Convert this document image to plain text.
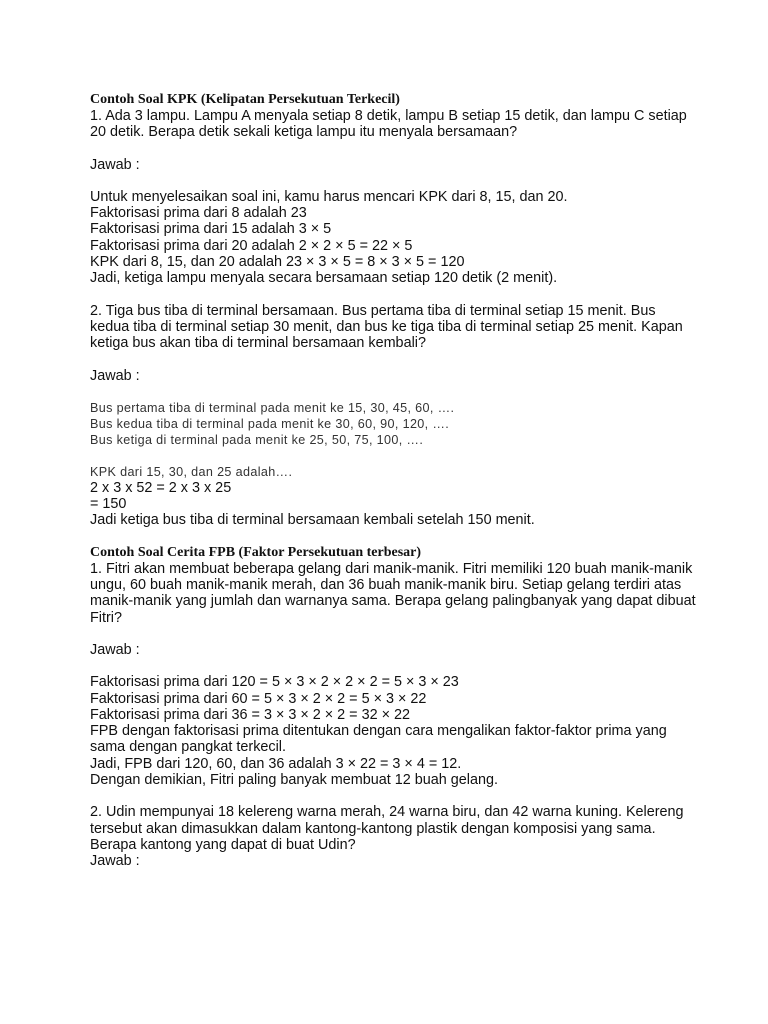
Contoh Soal KPK (Kelipatan Persekutuan Terkecil)
1. Ada 3 lampu. Lampu A menyala setiap 8 detik, lampu B setiap 15 detik, dan lampu C setiap
20 detik. Berapa detik sekali ketiga lampu itu menyala bersamaan?
Jawab :
Untuk menyelesaikan soal ini, kamu harus mencari KPK dari 8, 15, dan 20.
Faktorisasi prima dari 8 adalah 23
Faktorisasi prima dari 15 adalah 3 × 5
Faktorisasi prima dari 20 adalah 2 × 2 × 5 = 22 × 5
KPK dari 8, 15, dan 20 adalah 23 × 3 × 5 = 8 × 3 × 5 = 120
Jadi, ketiga lampu menyala secara bersamaan setiap 120 detik (2 menit).
2. Tiga bus tiba di terminal bersamaan. Bus pertama tiba di terminal setiap 15 menit. Bus
kedua tiba di terminal setiap 30 menit, dan bus ke tiga tiba di terminal setiap 25 menit. Kapan
ketiga bus akan tiba di terminal bersamaan kembali?
Jawab :
Bus pertama tiba di terminal pada menit ke 15, 30, 45, 60, ….
Bus kedua tiba di terminal pada menit ke 30, 60, 90, 120, ….
Bus ketiga di terminal pada menit ke 25, 50, 75, 100, ….
KPK dari 15, 30, dan 25 adalah….
2 x 3 x 52 = 2 x 3 x 25
= 150
Jadi ketiga bus tiba di terminal bersamaan kembali setelah 150 menit.
Contoh Soal Cerita FPB (Faktor Persekutuan terbesar)
1. Fitri akan membuat beberapa gelang dari manik-manik. Fitri memiliki 120 buah manik-manik
ungu, 60 buah manik-manik merah, dan 36 buah manik-manik biru. Setiap gelang terdiri atas
manik-manik yang jumlah dan warnanya sama. Berapa gelang palingbanyak yang dapat dibuat
Fitri?
Jawab :
Faktorisasi prima dari 120 = 5 × 3 × 2 × 2 × 2 = 5 × 3 × 23
Faktorisasi prima dari 60 = 5 × 3 × 2 × 2 = 5 × 3 × 22
Faktorisasi prima dari 36 = 3 × 3 × 2 × 2 = 32 × 22
FPB dengan faktorisasi prima ditentukan dengan cara mengalikan faktor-faktor prima yang
sama dengan pangkat terkecil.
Jadi, FPB dari 120, 60, dan 36 adalah 3 × 22 = 3 × 4 = 12.
Dengan demikian, Fitri paling banyak membuat 12 buah gelang.
2. Udin mempunyai 18 kelereng warna merah, 24 warna biru, dan 42 warna kuning. Kelereng
tersebut akan dimasukkan dalam kantong-kantong plastik dengan komposisi yang sama.
Berapa kantong yang dapat di buat Udin?
Jawab :
